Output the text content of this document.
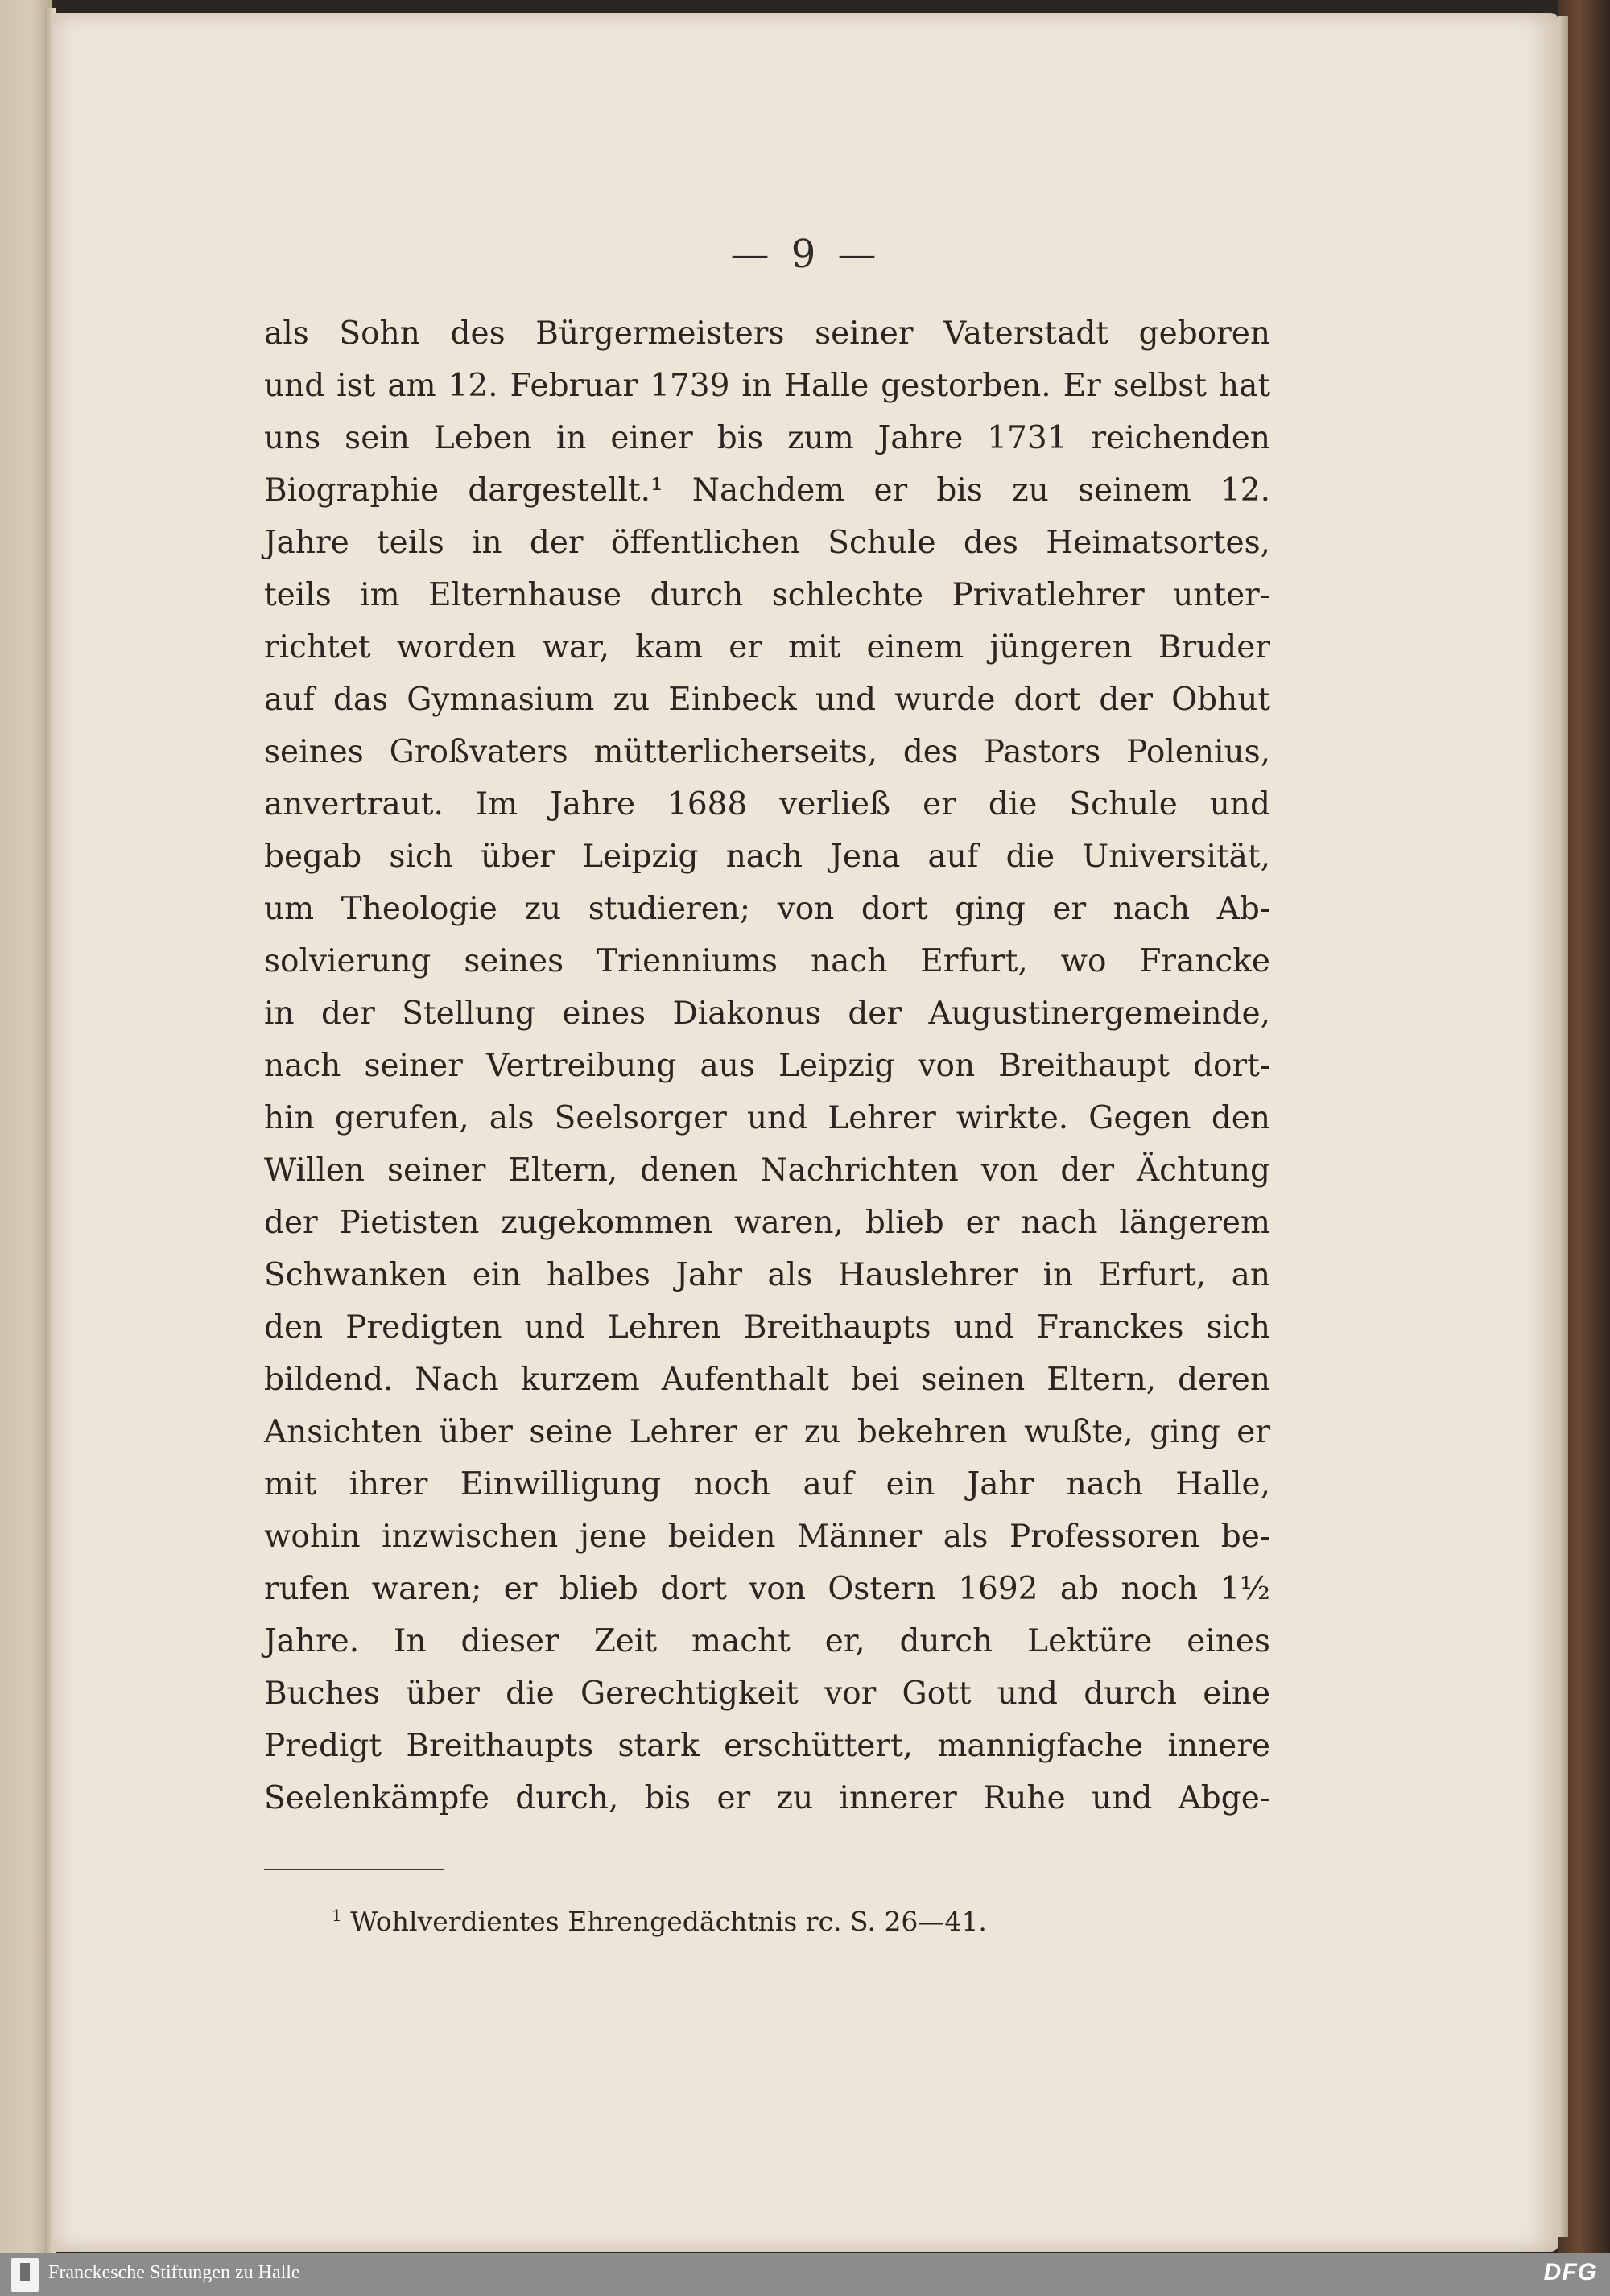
— 9 —
$^1$ Wohlverdientes Ehrengedächtnis rc. S. 26—41.
als Sohn des Bürgermeisters seiner Vaterstadt geboren
und ist am 12. Februar 1739 in Halle gestorben. Er selbst hat
uns sein Leben in einer bis zum Jahre 1731 reichenden
Biographie dargestellt.¹ Nachdem er bis zu seinem 12.
Jahre teils in der öffentlichen Schule des Heimatsortes,
teils im Elternhause durch schlechte Privatlehrer unter-
richtet worden war, kam er mit einem jüngeren Bruder
auf das Gymnasium zu Einbeck und wurde dort der Obhut
seines Großvaters mütterlicherseits, des Pastors Polenius,
anvertraut. Im Jahre 1688 verließ er die Schule und
begab sich über Leipzig nach Jena auf die Universität,
um Theologie zu studieren; von dort ging er nach Ab-
solvierung seines Trienniums nach Erfurt, wo Francke
in der Stellung eines Diakonus der Augustinergemeinde,
nach seiner Vertreibung aus Leipzig von Breithaupt dort-
hin gerufen, als Seelsorger und Lehrer wirkte. Gegen den
Willen seiner Eltern, denen Nachrichten von der Ächtung
der Pietisten zugekommen waren, blieb er nach längerem
Schwanken ein halbes Jahr als Hauslehrer in Erfurt, an
den Predigten und Lehren Breithaupts und Franckes sich
bildend. Nach kurzem Aufenthalt bei seinen Eltern, deren
Ansichten über seine Lehrer er zu bekehren wußte, ging er
mit ihrer Einwilligung noch auf ein Jahr nach Halle,
wohin inzwischen jene beiden Männer als Professoren be-
rufen waren; er blieb dort von Ostern 1692 ab noch 1½
Jahre. In dieser Zeit macht er, durch Lektüre eines
Buches über die Gerechtigkeit vor Gott und durch eine
Predigt Breithaupts stark erschüttert, mannigfache innere
Seelenkämpfe durch, bis er zu innerer Ruhe und Abge-
Franckesche Stiftungen zu Halle	DFG
